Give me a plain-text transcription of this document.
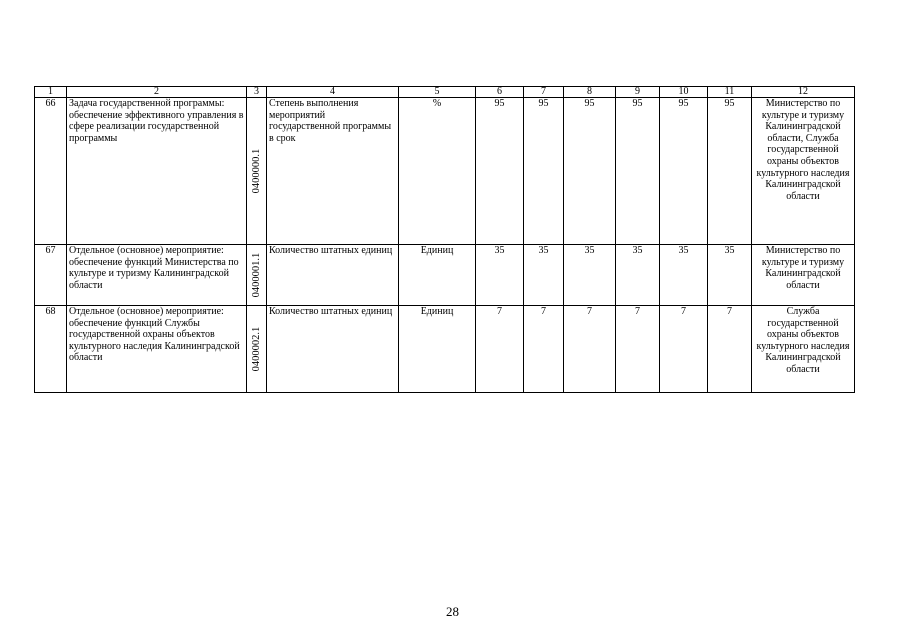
1	2	3	4	5	6	7	8	9	10	11	12
66	Задача государственной программы: обеспечение эффективного управления в сфере реализации государственной программы	0400000.1	Степень выполнения мероприятий государственной программы в срок	%	95	95	95	95	95	95	Министерство по культуре и туризму Калининградской области, Служба государственной охраны объектов культурного наследия Калининградской области
67	Отдельное (основное) мероприятие: обеспечение функций Министерства по культуре и туризму Калининградской области	0400001.1	Количество штатных единиц	Единиц	35	35	35	35	35	35	Министерство по культуре и туризму Калининградской области
68	Отдельное (основное) мероприятие: обеспечение функций Службы государственной охраны объектов культурного наследия Калининградской области	0400002.1	Количество штатных единиц	Единиц	7	7	7	7	7	7	Служба государственной охраны объектов культурного наследия Калининградской области
28
